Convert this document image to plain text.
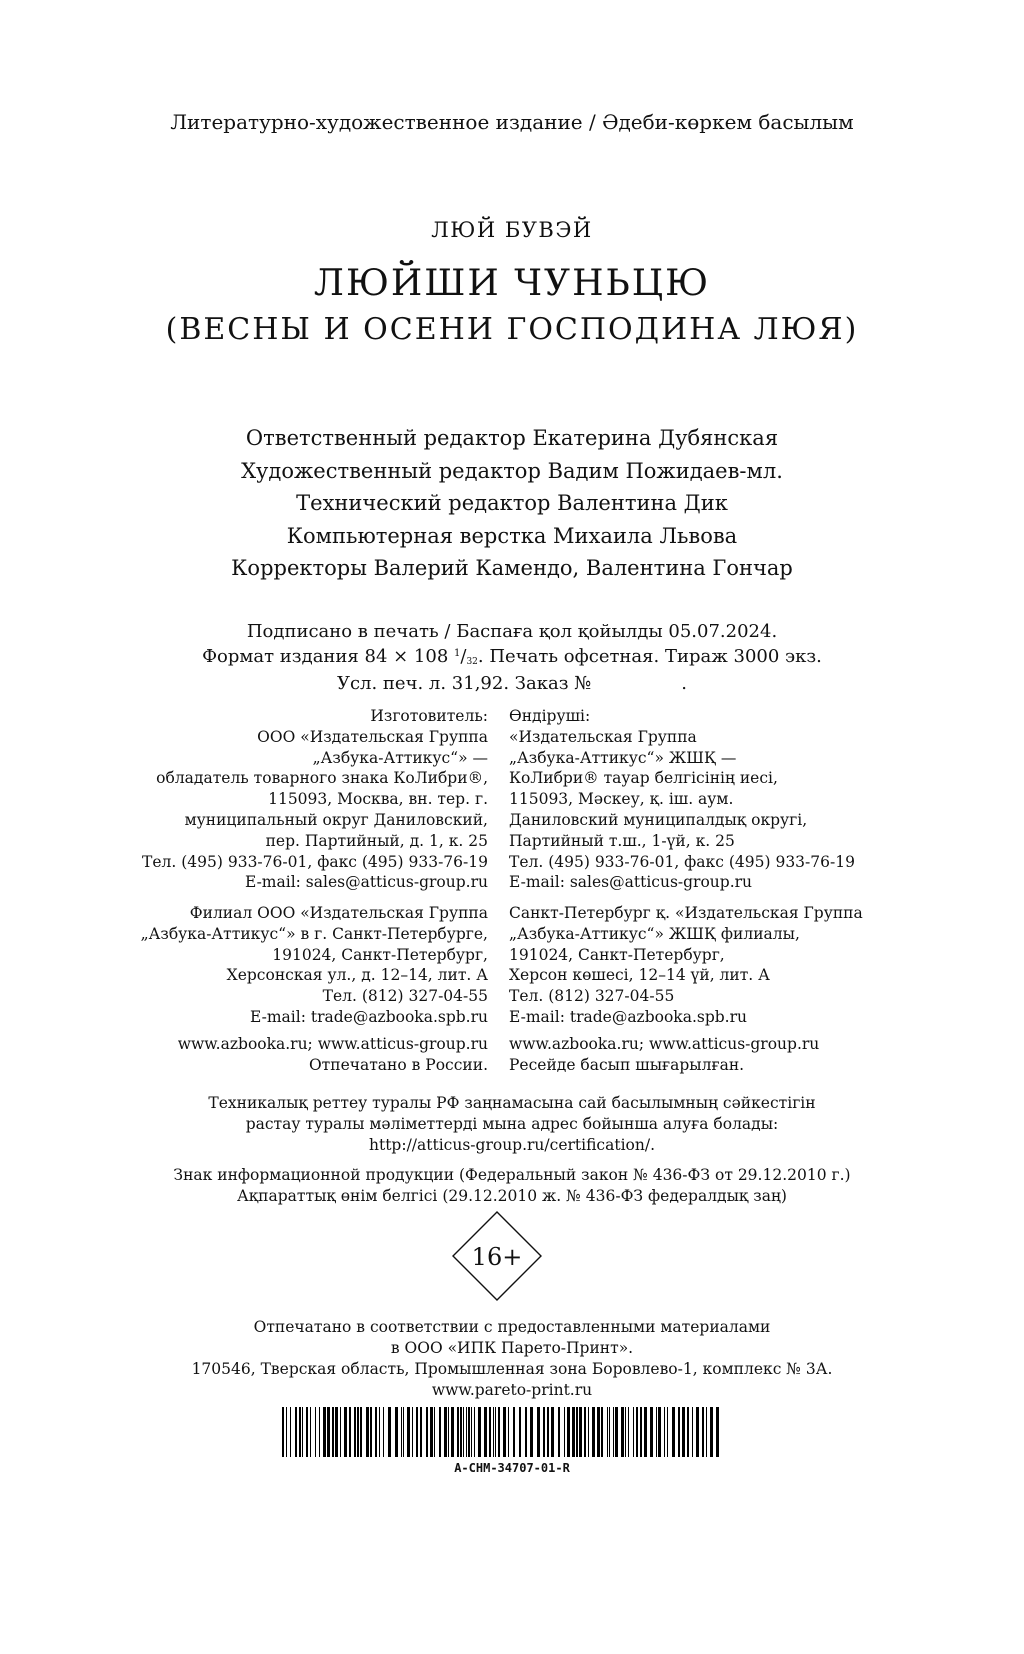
Литературно-художественное издание / Әдеби-көркем басылым
ЛЮЙ БУВЭЙ
ЛЮЙШИ ЧУНЬЦЮ
(ВЕСНЫ И ОСЕНИ ГОСПОДИНА ЛЮЯ)
Ответственный редактор Екатерина Дубянская
Художественный редактор Вадим Пожидаев-мл.
Технический редактор Валентина Дик
Компьютерная верстка Михаила Львова
Корректоры Валерий Камендо, Валентина Гончар
Подписано в печать / Баспаға қол қойылды 05.07.2024.
Формат издания 84 × 108 $^1/_{32}$. Печать офсетная. Тираж 3000 экз.
Усл. печ. л. 31,92. Заказ №	.
Изготовитель:
ООО «Издательская Группа
„Азбука-Аттикус“» —
обладатель товарного знака КоЛибри®,
115093, Москва, вн. тер. г.
муниципальный округ Даниловский,
пер. Партийный, д. 1, к. 25
Тел. (495) 933-76-01, факс (495) 933-76-19
E-mail: sales@atticus-group.ru
Өндіруші:
«Издательская Группа
„Азбука-Аттикус“» ЖШҚ —
КоЛибри® тауар белгісінің иесі,
115093, Мәскеу, қ. іш. аум.
Даниловский муниципалдық округі,
Партийный т.ш., 1-үй, к. 25
Тел. (495) 933-76-01, факс (495) 933-76-19
E-mail: sales@atticus-group.ru
Филиал ООО «Издательская Группа
„Азбука-Аттикус“» в г. Санкт-Петербурге,
191024, Санкт-Петербург,
Херсонская ул., д. 12–14, лит. А
Тел. (812) 327-04-55
E-mail: trade@azbooka.spb.ru
Санкт-Петербург қ. «Издательская Группа
„Азбука-Аттикус“» ЖШҚ филиалы,
191024, Санкт-Петербург,
Херсон көшесі, 12–14 үй, лит. А
Тел. (812) 327-04-55
E-mail: trade@azbooka.spb.ru
www.azbooka.ru; www.atticus-group.ru
Отпечатано в России.
www.azbooka.ru; www.atticus-group.ru
Ресейде басып шығарылған.
Техникалық реттеу туралы РФ заңнамасына сай басылымның сәйкестігін
растау туралы мәліметтерді мына адрес бойынша алуға болады:
http://atticus-group.ru/certification/.
Знак информационной продукции (Федеральный закон № 436-ФЗ от 29.12.2010 г.)
Ақпараттық өнім белгісі (29.12.2010 ж. № 436-ФЗ федералдық заң)
16+
Отпечатано в соответствии с предоставленными материалами
в ООО «ИПК Парето-Принт».
170546, Тверская область, Промышленная зона Боровлево-1, комплекс № 3А.
www.pareto-print.ru
A-CHM-34707-01-R
